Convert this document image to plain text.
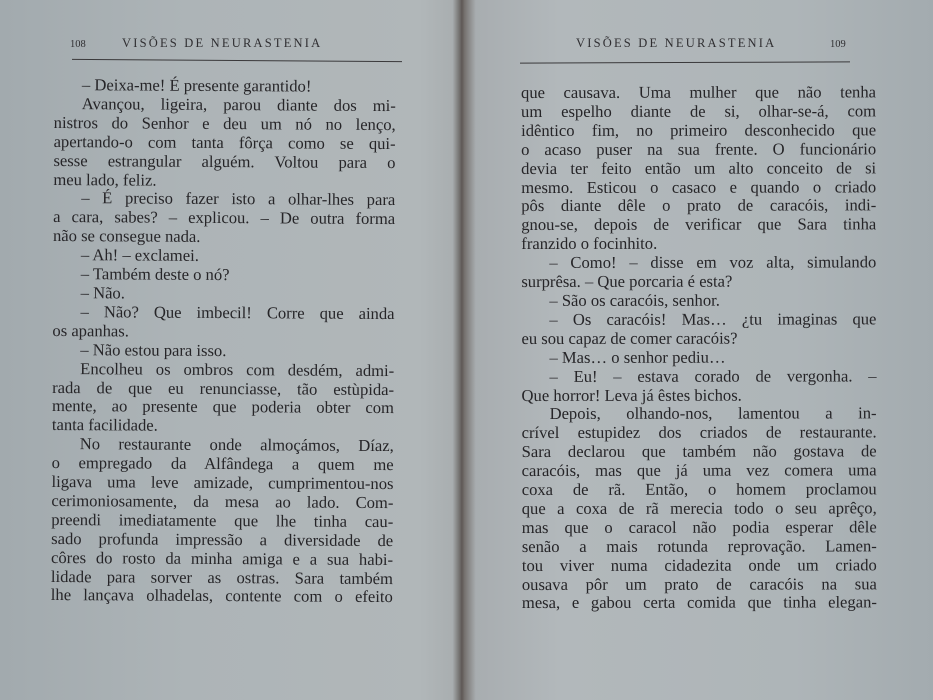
108	VISÕES DE NEURASTENIA
– Deixa-me! É presente garantido!
Avançou, ligeira, parou diante dos mi-
nistros do Senhor e deu um nó no lenço,
apertando-o com tanta fôrça como se qui-
sesse estrangular alguém. Voltou para o
meu lado, feliz.
– É preciso fazer isto a olhar-lhes para
a cara, sabes? – explicou. – De outra forma
não se consegue nada.
– Ah! – exclamei.
– Também deste o nó?
– Não.
– Não? Que imbecil! Corre que ainda
os apanhas.
– Não estou para isso.
Encolheu os ombros com desdém, admi-
rada de que eu renunciasse, tão estùpida-
mente, ao presente que poderia obter com
tanta facilidade.
No restaurante onde almoçámos, Díaz,
o empregado da Alfândega a quem me
ligava uma leve amizade, cumprimentou-nos
cerimoniosamente, da mesa ao lado. Com-
preendi imediatamente que lhe tinha cau-
sado profunda impressão a diversidade de
côres do rosto da minha amiga e a sua habi-
lidade para sorver as ostras. Sara também
lhe lançava olhadelas, contente com o efeito
VISÕES DE NEURASTENIA	109
que causava. Uma mulher que não tenha
um espelho diante de si, olhar-se-á, com
idêntico fim, no primeiro desconhecido que
o acaso puser na sua frente. O funcionário
devia ter feito então um alto conceito de si
mesmo. Esticou o casaco e quando o criado
pôs diante dêle o prato de caracóis, indi-
gnou-se, depois de verificar que Sara tinha
franzido o focinhito.
– Como! – disse em voz alta, simulando
surprêsa. – Que porcaria é esta?
– São os caracóis, senhor.
– Os caracóis! Mas… ¿tu imaginas que
eu sou capaz de comer caracóis?
– Mas… o senhor pediu…
– Eu! – estava corado de vergonha. –
Que horror! Leva já êstes bichos.
Depois, olhando-nos, lamentou a in-
crível estupidez dos criados de restaurante.
Sara declarou que também não gostava de
caracóis, mas que já uma vez comera uma
coxa de rã. Então, o homem proclamou
que a coxa de rã merecia todo o seu aprêço,
mas que o caracol não podia esperar dêle
senão a mais rotunda reprovação. Lamen-
tou viver numa cidadezita onde um criado
ousava pôr um prato de caracóis na sua
mesa, e gabou certa comida que tinha elegan-
